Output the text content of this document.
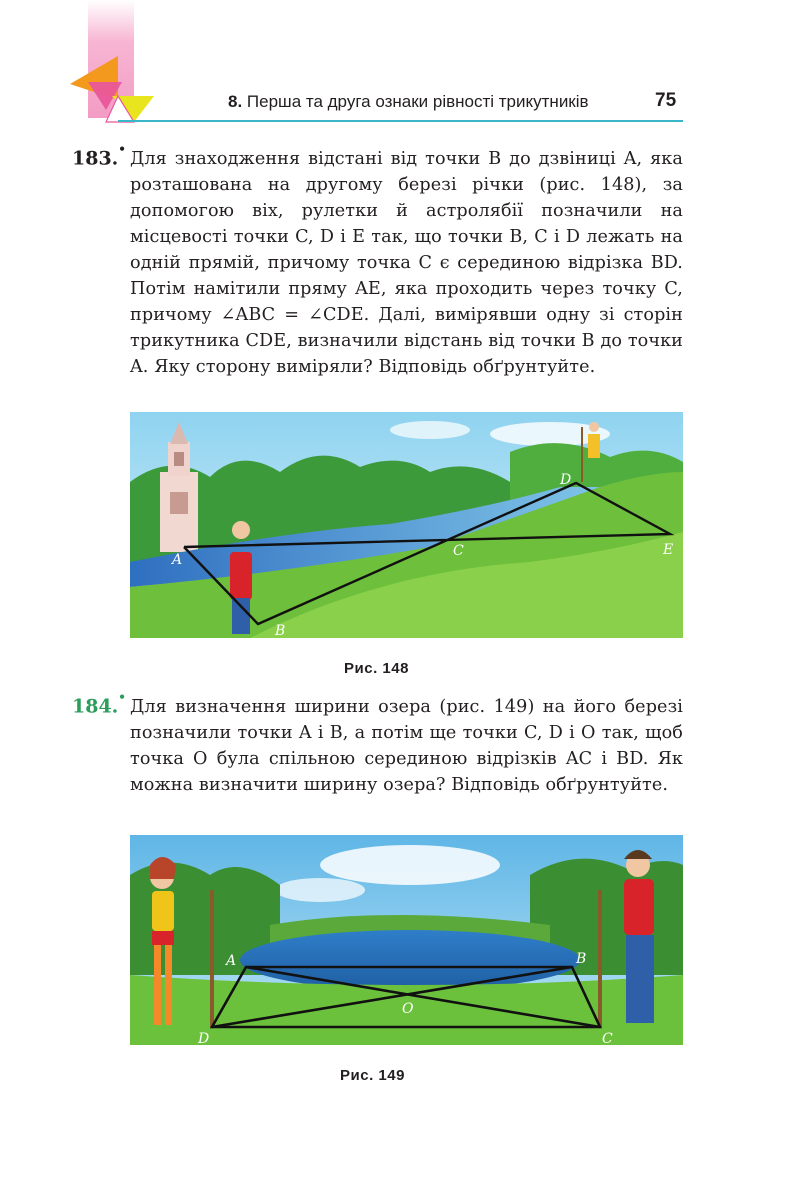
8. Перша та друга ознаки рівності трикутників	75
183.• Для знаходження відстані від точки B до дзвіниці A, яка розташована на другому березі річки (рис. 148), за допомогою віх, рулетки й астролябії позначили на місцевості точки C, D і E так, що точки B, C і D лежать на одній прямій, причому точка C є серединою відрізка BD. Потім намітили пряму AE, яка проходить через точку C, причому ∠ABC = ∠CDE. Далі, вимірявши одну зі сторін трикутника CDE, визначили відстань від точки B до точки A. Яку сторону виміряли? Відповідь обґрунтуйте.
A
B
C
D
E
Рис. 148
184.• Для визначення ширини озера (рис. 149) на його березі позначили точки A і B, а потім ще точки C, D і O так, щоб точка O була спільною серединою відрізків AC і BD. Як можна визначити ширину озера? Відповідь обґрунтуйте.
A	B
C
D
O
Рис. 149
